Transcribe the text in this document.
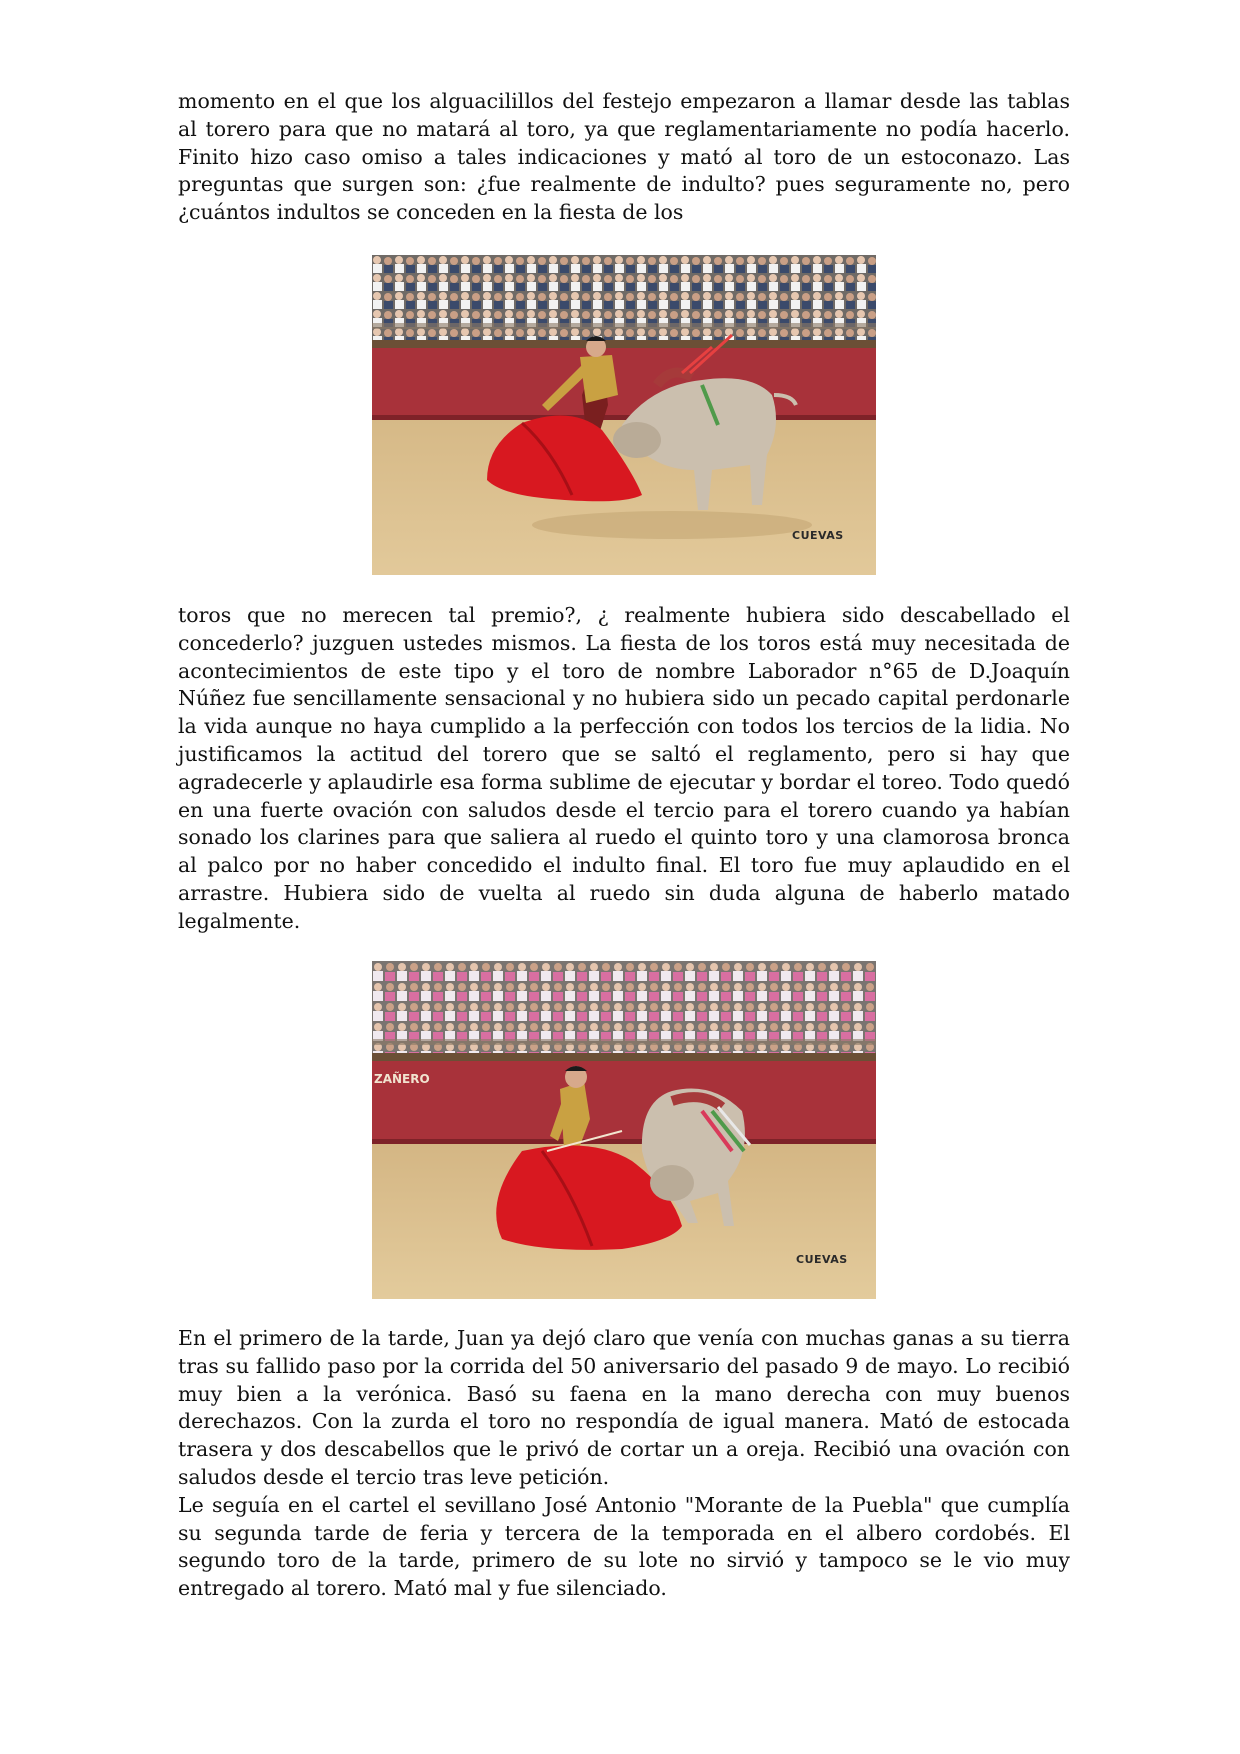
momento en el que los alguacilillos del festejo empezaron a llamar desde las tablas al torero para que no matará al toro, ya que reglamentariamente no podía hacerlo. Finito hizo caso omiso a tales indicaciones y mató al toro de un estoconazo. Las preguntas que surgen son: ¿fue realmente de indulto? pues seguramente no, pero ¿cuántos indultos se conceden en la fiesta de los

CUEVAS

toros que no merecen tal premio?, ¿ realmente hubiera sido descabellado el concederlo? juzguen ustedes mismos. La fiesta de los toros está muy necesitada de acontecimientos de este tipo y el toro de nombre Laborador n°65 de D.Joaquín Núñez fue sencillamente sensacional y no hubiera sido un pecado capital perdonarle la vida aunque no haya cumplido a la perfección con todos los tercios de la lidia. No justificamos la actitud del torero que se saltó el reglamento, pero si hay que agradecerle y aplaudirle esa forma sublime de ejecutar y bordar el toreo. Todo quedó en una fuerte ovación con saludos desde el tercio para el torero cuando ya habían sonado los clarines para que saliera al ruedo el quinto toro y una clamorosa bronca al palco por no haber concedido el indulto final. El toro fue muy aplaudido en el arrastre. Hubiera sido de vuelta al ruedo sin duda alguna de haberlo matado legalmente.

ZAÑERO
CUEVAS
En el primero de la tarde, Juan ya dejó claro que venía con muchas ganas a su tierra tras su fallido paso por la corrida del 50 aniversario del pasado 9 de mayo. Lo recibió muy bien a la verónica. Basó su faena en la mano derecha con muy buenos derechazos. Con la zurda el toro no respondía de igual manera. Mató de estocada trasera y dos descabellos que le privó de cortar un a oreja. Recibió una ovación con saludos desde el tercio tras leve petición.
Le seguía en el cartel el sevillano José Antonio "Morante de la Puebla" que cumplía su segunda tarde de feria y tercera de la temporada en el albero cordobés. El segundo toro de la tarde, primero de su lote no sirvió y tampoco se le vio muy entregado al torero. Mató mal y fue silenciado.
